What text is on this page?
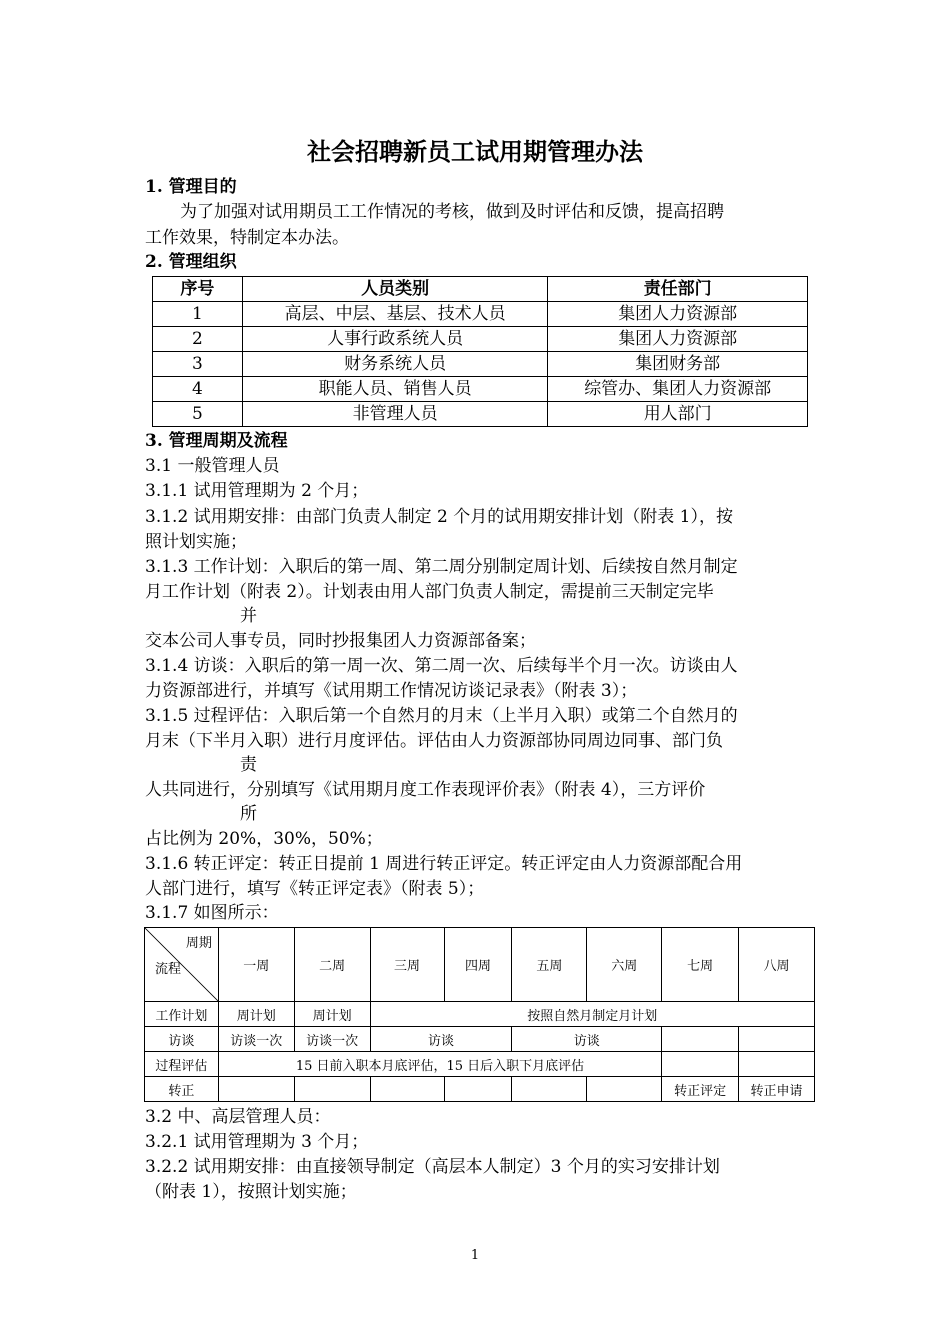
社会招聘新员工试用期管理办法
1. 管理目的
为了加强对试用期员工工作情况的考核，做到及时评估和反馈，提高招聘
工作效果，特制定本办法。
2. 管理组织
序号	人员类别	责任部门
1	高层、中层、基层、技术人员	集团人力资源部
2	人事行政系统人员	集团人力资源部
3	财务系统人员	集团财务部
4	职能人员、销售人员	综管办、集团人力资源部
5	非管理人员	用人部门
3. 管理周期及流程
3.1 一般管理人员
3.1.1 试用管理期为 2 个月；
3.1.2 试用期安排：由部门负责人制定 2 个月的试用期安排计划（附表 1），按
照计划实施；
3.1.3 工作计划：入职后的第一周、第二周分别制定周计划、后续按自然月制定
月工作计划（附表 2）。计划表由用人部门负责人制定，需提前三天制定完毕
并
交本公司人事专员，同时抄报集团人力资源部备案；
3.1.4 访谈：入职后的第一周一次、第二周一次、后续每半个月一次。访谈由人
力资源部进行，并填写《试用期工作情况访谈记录表》（附表 3）；
3.1.5 过程评估：入职后第一个自然月的月末（上半月入职）或第二个自然月的
月末（下半月入职）进行月度评估。评估由人力资源部协同周边同事、部门负
责
人共同进行，分别填写《试用期月度工作表现评价表》（附表 4），三方评价
所
占比例为 20%，30%，50%；
3.1.6 转正评定：转正日提前 1 周进行转正评定。转正评定由人力资源部配合用
人部门进行，填写《转正评定表》（附表 5）；
3.1.7 如图所示：
周期
流程	一周	二周	三周	四周	五周	六周	七周	八周
工作计划	周计划	周计划	按照自然月制定月计划					
访谈	访谈一次	访谈一次	访谈		访谈			
过程评估	15 日前入职本月底评估，15 日后入职下月底评估							
转正							转正评定	转正申请
3.2 中、高层管理人员：
3.2.1 试用管理期为 3 个月；
3.2.2 试用期安排：由直接领导制定（高层本人制定）3 个月的实习安排计划
（附表 1），按照计划实施；
1
